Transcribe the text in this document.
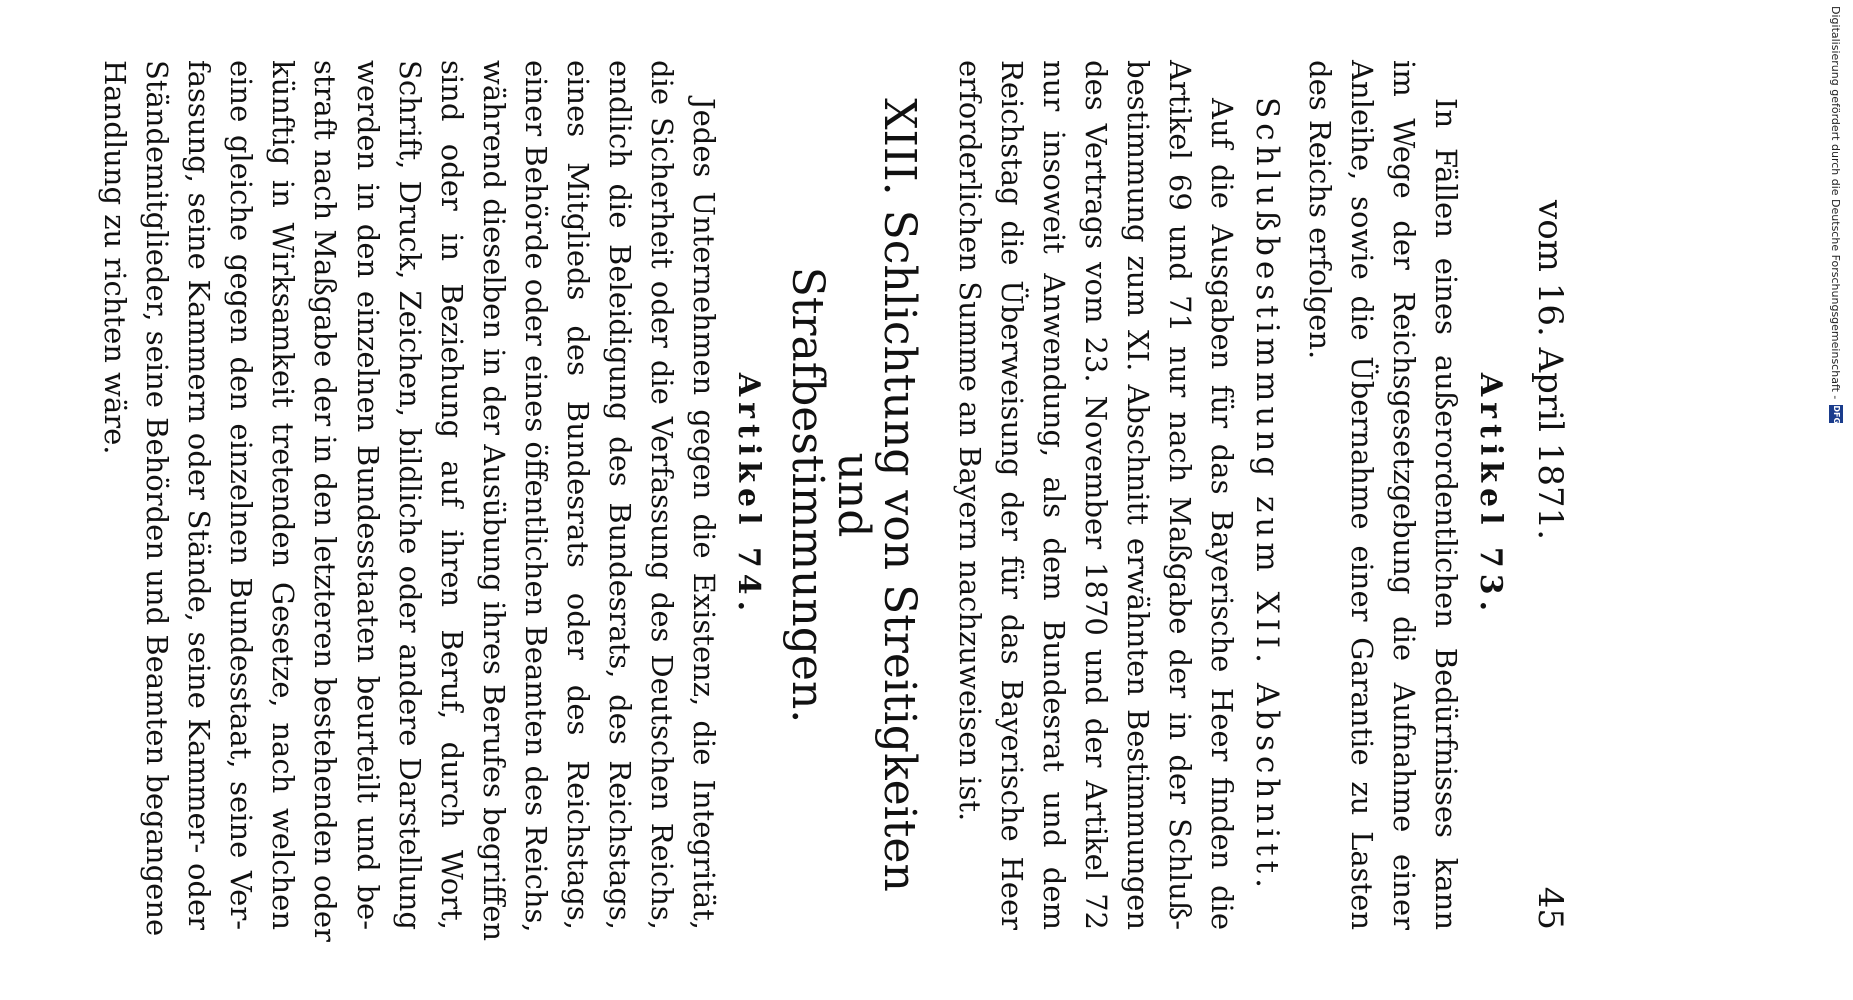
vom 16. April 1871.
45
Artikel 73.
In Fällen eines außerordentlichen Bedürfnisses kann
im Wege der Reichsgesetzgebung die Aufnahme einer
Anleihe, sowie die Übernahme einer Garantie zu Lasten
des Reichs erfolgen.
Schlußbestimmung zum XII. Abschnitt.
Auf die Ausgaben für das Bayerische Heer finden die
Artikel 69 und 71 nur nach Maßgabe der in der Schluß-
bestimmung zum XI. Abschnitt erwähnten Bestimmungen
des Vertrags vom 23. November 1870 und der Artikel 72
nur insoweit Anwendung, als dem Bundesrat und dem
Reichstag die Überweisung der für das Bayerische Heer
erforderlichen Summe an Bayern nachzuweisen ist.
XIII. Schlichtung von Streitigkeiten und
Strafbestimmungen.
Artikel 74.
Jedes Unternehmen gegen die Existenz, die Integrität,
die Sicherheit oder die Verfassung des Deutschen Reichs,
endlich die Beleidigung des Bundesrats, des Reichstags,
eines Mitglieds des Bundesrats oder des Reichstags,
einer Behörde oder eines öffentlichen Beamten des Reichs,
während dieselben in der Ausübung ihres Berufes begriffen
sind oder in Beziehung auf ihren Beruf, durch Wort,
Schrift, Druck, Zeichen, bildliche oder andere Darstellung
werden in den einzelnen Bundesstaaten beurteilt und be-
straft nach Maßgabe der in den letzteren bestehenden oder
künftig in Wirksamkeit tretenden Gesetze, nach welchen
eine gleiche gegen den einzelnen Bundesstaat, seine Ver-
fassung, seine Kammern oder Stände, seine Kammer- oder
Ständemitglieder, seine Behörden und Beamten begangene
Handlung zu richten wäre.	Digitalisierung gefördert durch die Deutsche Forschungsgemeinschaft -
DFG
